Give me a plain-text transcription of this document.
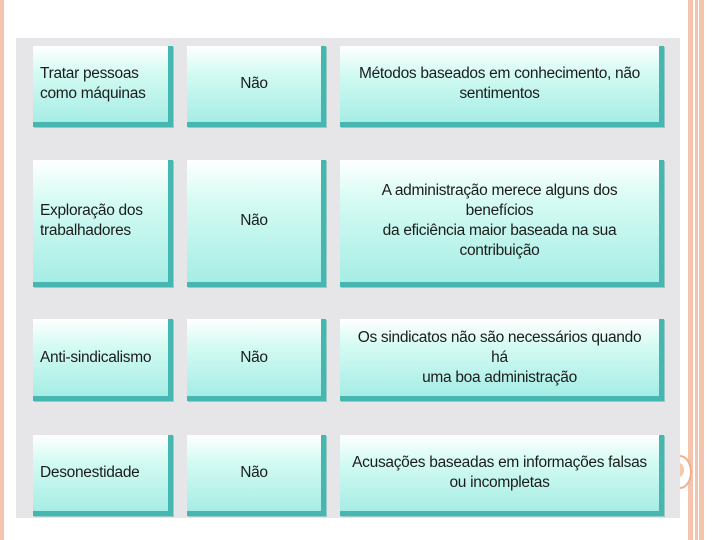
Tratar pessoas
como máquinas
Não
Métodos baseados em conhecimento, não
sentimentos
Exploração dos
trabalhadores
Não
A administração merece alguns dos benefícios
da eficiência maior baseada na sua
contribuição
Anti-sindicalismo	Não
Os sindicatos não são necessários quando há
uma boa administração
Desonestidade	Não
Acusações baseadas em informações falsas
ou incompletas
